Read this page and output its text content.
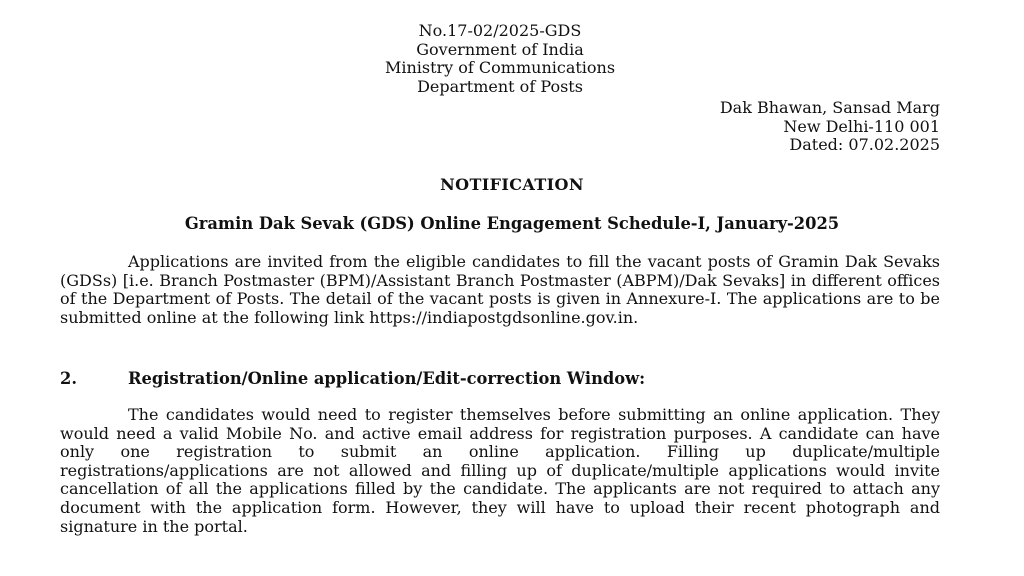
No.17-02/2025-GDS
Government of India
Ministry of Communications
Department of Posts
Dak Bhawan, Sansad Marg
New Delhi-110 001
Dated: 07.02.2025
NOTIFICATION
Gramin Dak Sevak (GDS) Online Engagement Schedule-I, January-2025

Applications are invited from the eligible candidates to fill the vacant posts of Gramin Dak Sevaks (GDSs) [i.e. Branch Postmaster (BPM)/Assistant Branch Postmaster (ABPM)/Dak Sevaks] in different offices of the Department of Posts. The detail of the vacant posts is given in Annexure-I. The applications are to be submitted online at the following link https://indiapostgdsonline.gov.in.

2.	Registration/Online application/Edit-correction Window:

The candidates would need to register themselves before submitting an online application. They would need a valid Mobile No. and active email address for registration purposes. A candidate can have only one registration to submit an online application. Filling up duplicate/multiple registrations/applications are not allowed and filling up of duplicate/multiple applications would invite cancellation of all the applications filled by the candidate. The applicants are not required to attach any document with the application form. However, they will have to upload their recent photograph and signature in the portal.
